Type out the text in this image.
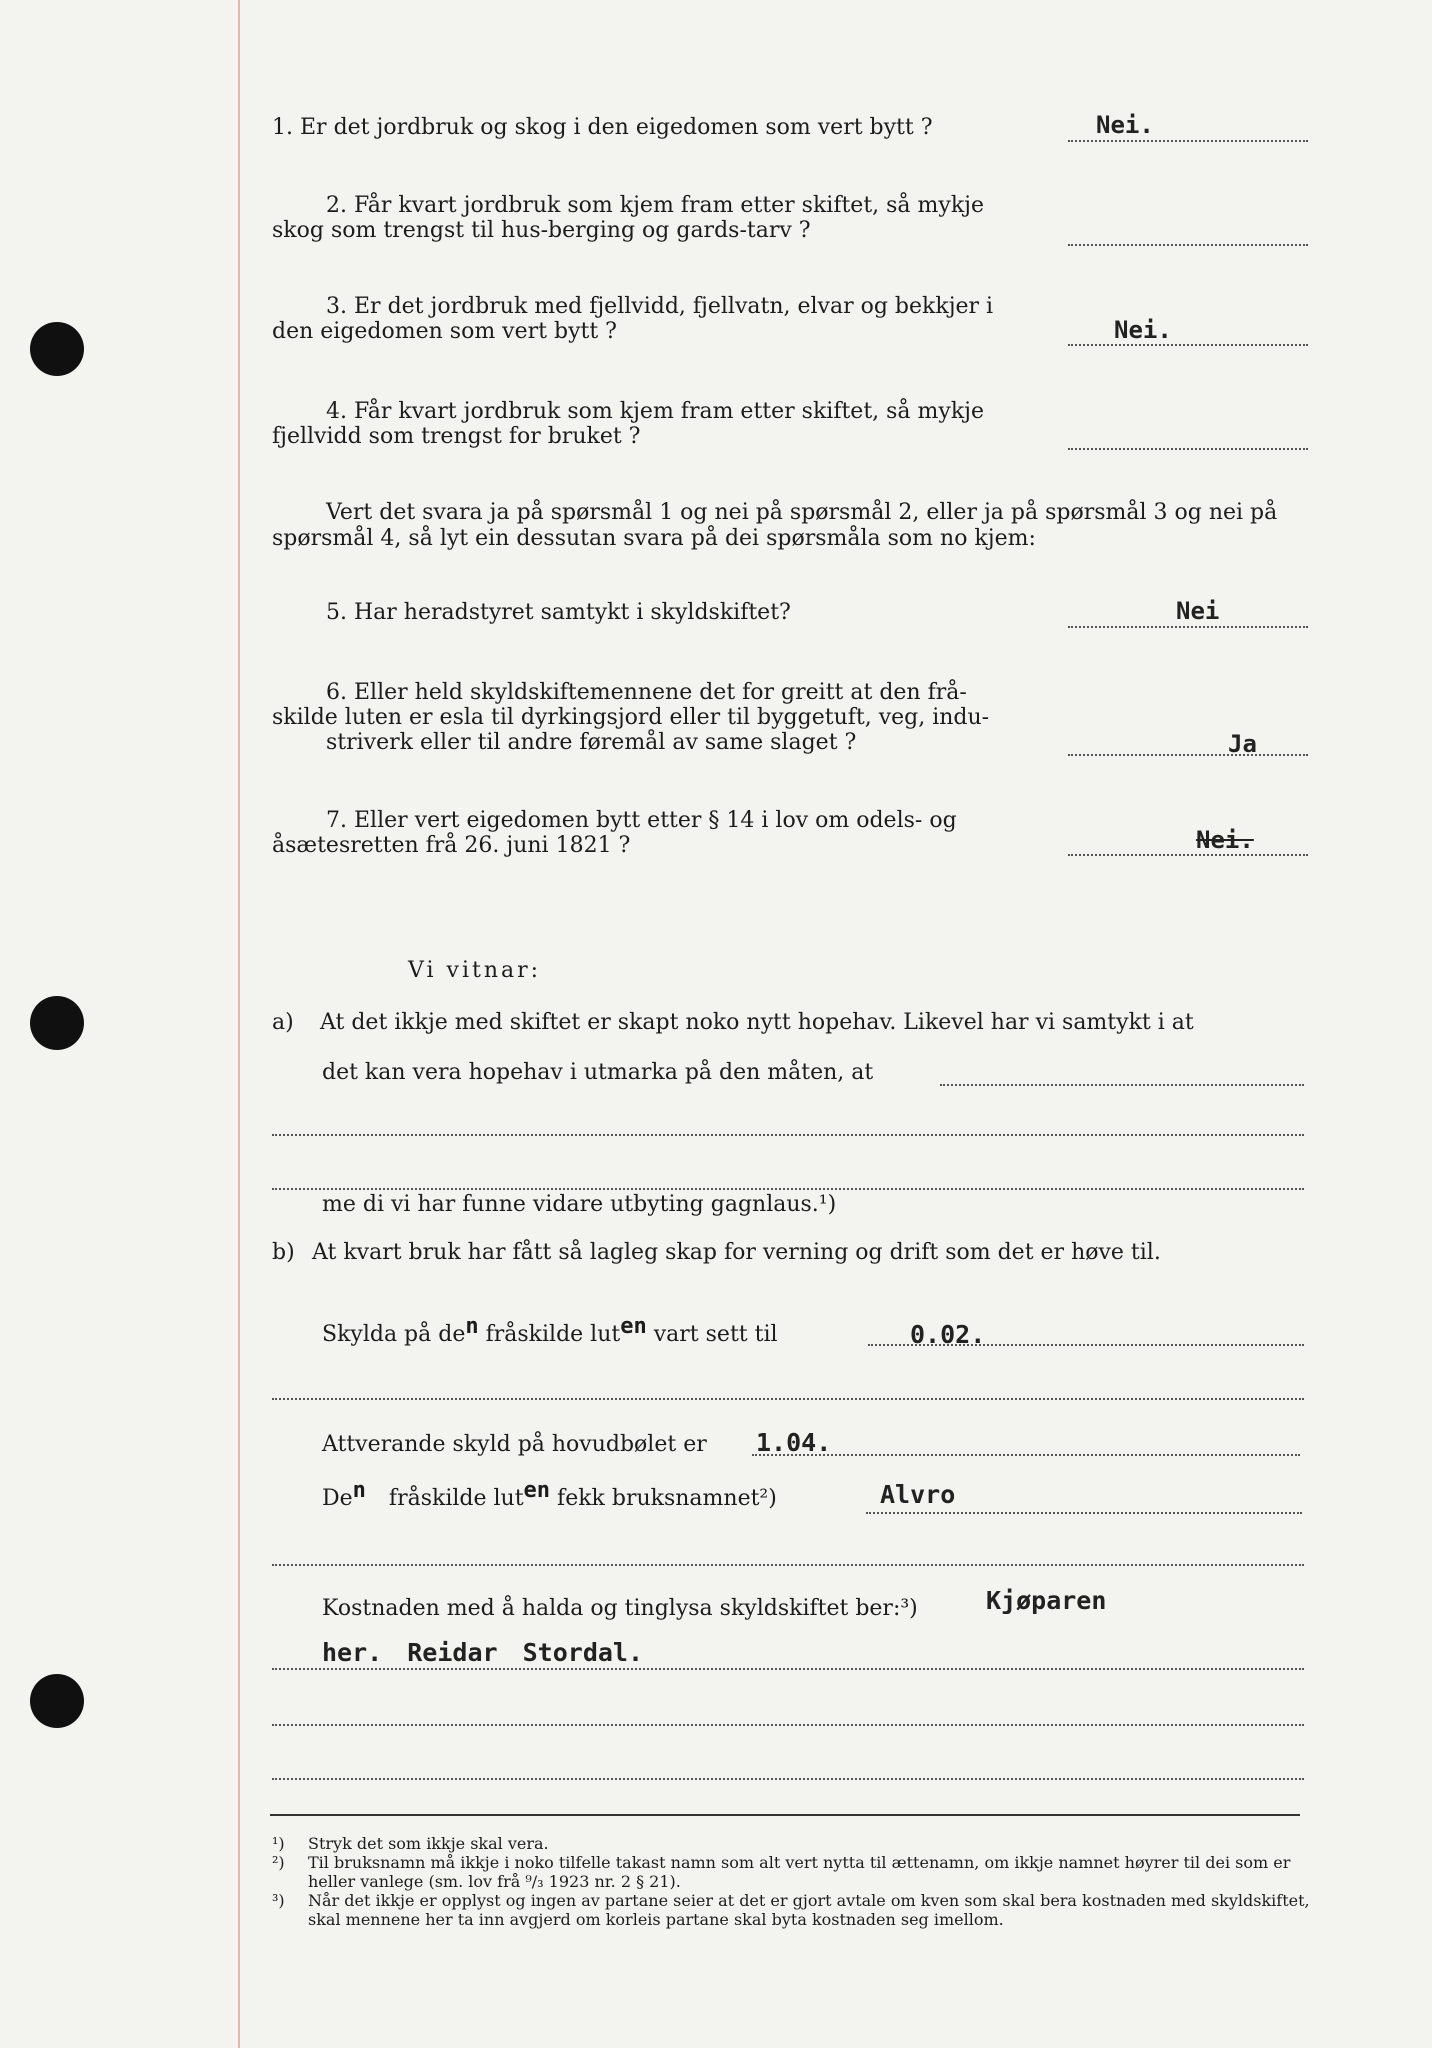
1. Er det jordbruk og skog i den eigedomen som vert bytt ?	Nei.
2. Får kvart jordbruk som kjem fram etter skiftet, så mykje
skog som trengst til hus-berging og gards-tarv ?
3. Er det jordbruk med fjellvidd, fjellvatn, elvar og bekkjer i
den eigedomen som vert bytt ?	Nei.
4. Får kvart jordbruk som kjem fram etter skiftet, så mykje
fjellvidd som trengst for bruket ?
Vert det svara ja på spørsmål 1 og nei på spørsmål 2, eller ja på spørsmål 3 og nei på
spørsmål 4, så lyt ein dessutan svara på dei spørsmåla som no kjem:
5. Har heradstyret samtykt i skyldskiftet?	Nei
6. Eller held skyldskiftemennene det for greitt at den frå-
skilde luten er esla til dyrkingsjord eller til byggetuft, veg, indu-
striverk eller til andre føremål av same slaget ?	Ja
7. Eller vert eigedomen bytt etter § 14 i lov om odels- og
åsætesretten frå 26. juni 1821 ?	Nei.
Vi vitnar:
a) At det ikkje med skiftet er skapt noko nytt hopehav. Likevel har vi samtykt i at
det kan vera hopehav i utmarka på den måten, at
me di vi har funne vidare utbyting gagnlaus.¹)
b) At kvart bruk har fått så lagleg skap for verning og drift som det er høve til.
Skylda på den fråskilde luten vart sett til	0.02.
Attverande skyld på hovudbølet er 1.04.
Den fråskilde luten fekk bruksnamnet²)	Alvro
Kostnaden med å halda og tinglysa skyldskiftet ber:³)	Kjøparen
her. Reidar Stordal.
¹)	Stryk det som ikkje skal vera.
²)	Til bruksnamn må ikkje i noko tilfelle takast namn som alt vert nytta til ættenamn, om ikkje namnet høyrer til dei som er heller vanlege (sm. lov frå ⁹/₃ 1923 nr. 2 § 21).
³)	Når det ikkje er opplyst og ingen av partane seier at det er gjort avtale om kven som skal bera kostnaden med skyldskiftet, skal mennene her ta inn avgjerd om korleis partane skal byta kostnaden seg imellom.
